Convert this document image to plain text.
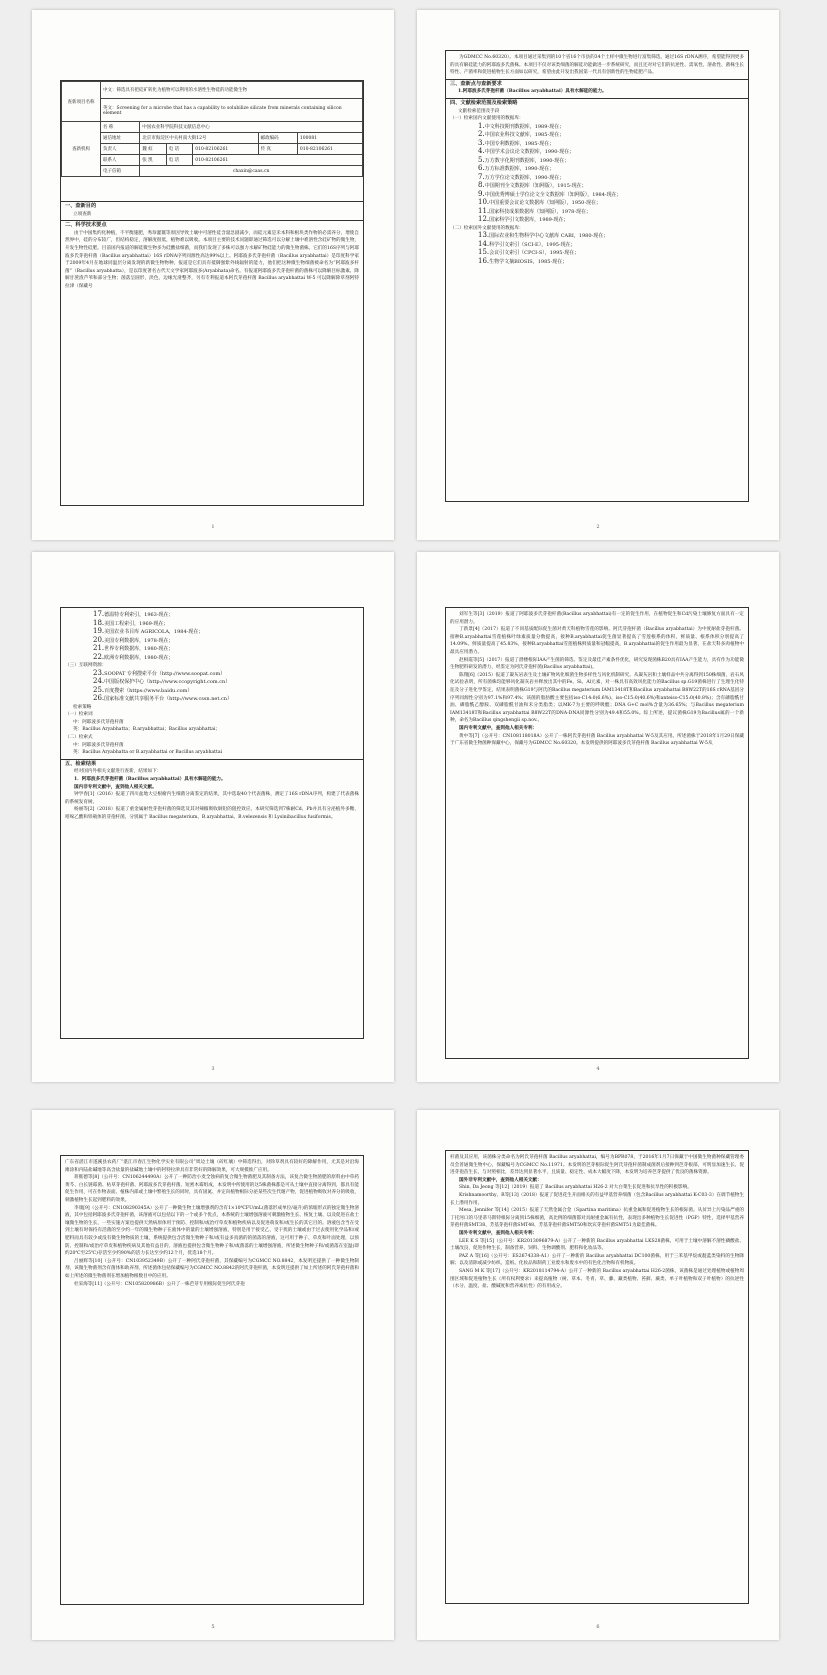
查新项目名称	中文：筛选具有把硅矿转化为植物可以利用的水溶性生物硅的功能微生物					
	英文：Screening for a microbe that has a capability to solubilize silicate from minerals containing silicon element					
查新机构	名 称	中国农业科学院科技文献信息中心				
	通信地址	北京市海淀区中关村南大街12号			邮政编码	100081
	负责人	魏 虹	电 话	010-82106261	传 真	010-82106261
	联系人	张 凯	电 话	010-82106261		
	电子信箱	chaxin@caas.cn				
一、查新目的
立项查新
二、科学技术要点
由于中国集约化种植，不平衡施肥，秀珍灌溉等原因导致土壤中可溶性硅含量急剧减少，而硅元素是禾本科和根块类作物的必需养分，增使自然界中，硅的分布较广，但结构稳定，溶解度很低，植物难以吸收。本项目主要的技术问题即通过筛选可以分解土壤中难溶性含硅矿物的微生物，开发生物性硅肥。目前国内报道的解硅微生物多为硅酸盐细菌，而我们发现了多株可以强力水解矿物硅能力的微生物菌株。它们的16S序列与阿耶波多氏芽孢杆菌（Bacillus aryabhattai）16S rDNA序列同源性高达99%以上。阿耶波多氏芽孢杆菌（Bacillus aryabhattai）是印度科学家于2009年4月在地球同温层分离发现的新微生物物种，报道是它们具有抵御强紫外线辐射的能力，他们把这种微生物细菌被命名为“阿耶波多杆菌”（Bacillus aryabhatta），是以印度著名古代天文学家阿耶波多(Aryabhata)命名。有报道阿耶波多氏芽孢杆菌的菌株可以降解目标激素、降解甘蔗渣芦苇和部分生物；菌落呈圆形，淡色，边缘光滑整齐，另有专利报道本阿氏芽孢杆菌 Bacillus aryabhattai W-5 可以降解除草剂阿特拉津（保藏号
1
为GDMCC No.60320）。本项目通过采集到的10个省16个市县的34个土样中微生物进行富集筛选，通过16S rDNA测序，希望能得到更多的具有解硅能力的阿耶波多氏菌株。本项目不仅对该类细菌的解硅功能做进一步系统研究，而且还对对它们的抗逆性、需氧性、溶盐性、菌株生长特性、产菌率和促进植物生长方面如以研究，希望由此开发出我国第一代具有创新性的生物硅肥产品。
三、查新点与查新要求
1.阿耶波多氏芽孢杆菌（Bacillus aryabhattai）具有水解硅的能力。
四、文献检索范围及检索策略
文献检索范围及手段
（一）检索国内文献使用的数据库：
1.中文科技期刊数据库，1989-现在；
2.中国农业科技文献库，1985-现在；
3.中国专利数据库，1985-现在；
4.中国学术会议论文数据库，1990-现在；
5.万方数字化期刊数据库，1990-现在；
6.万方标准数据库，1990-现在；
7.万方学位论文数据库，1990-现在；
8.中国期刊全文数据库（知网版），1915-现在；
9.中国优秀博硕士学位论文全文数据库（知网版），1984-现在；
10.中国重要会议论文数据库（知网版），1950-现在；
11.国家科技成果数据库（知网版），1978-现在；
12.国家科学引文数据库，1989-现在；
（二）检索国外文献使用的数据库：
13.国际农业和生物科学中心文献库 CABI，1980-现在；
14.科学引文索引（SCI-E），1995-现在；
15.会议引文索引（CPCI-S），1995-现在；
16.生物学文摘BIOSIS，1985-现在；
2
17.德温特专利索引，1963-现在；
18.美国工程索引，1969-现在；
19.美国农业书目库 AGRICOLA，1984-现在；
20.美国专利数据库，1978-现在；
21.世界专利数据库，1980-现在；
22.欧洲专利数据库，1980-现在；
（三）互联网资源：
23.SOOPAT 专利搜索平台（http://www.soopat.com）
24.中国版权保护中心（http://www.ccopyright.com.cn）
25.百度搜索（https://www.baidu.com）
26.国家标准文献共享服务平台（http://www.cssn.net.cn）
检索策略
（一）检索词
中：阿耶波多氏芽孢杆菌
英：Bacillus Aryabhatta；B.aryabhattai；Bacillus aryabhattai；
（二）检索式
中：阿耶波多氏芽孢杆菌
英：Bacillus Aryabhatta or B.aryabhattai or Bacillus aryabhattai
五、检索结果
经对国内外相关文献进行查新，结果如下：
1．阿耶波多氏芽孢杆菌（Bacillus aryabhattai）具有水解硅的能力。
国内非专利文献中，查到他人相关文献。
钟学春[1]（2016）报道了四川盆地大豆根瘤内生细菌分离鉴定的结果，其中选取40个代表菌株，测定了16S rDNA序列，构建了代表菌株的系统发育树。
杨丽等[2]（2018）报道了重金属耐性芽孢杆菌的筛选及其对辣椒吸收铜铅的阻控效应。本研究筛选到7株耐Cd、Pb并具有分泌植外多糖、吲哚乙酸和铁载体的芽孢杆菌，分别属于 Bacillus megaterium、B.aryabhattai、B.velezensis 和 Lysinibacillus fusiformis。
3
刘军生等[3]（2019）报道了阿耶波多氏芽孢杆菌(Bacillus aryabhattai)有一定的促生作用，在植物促生和Cd污染土壤修复方面具有一定的应用潜力。
丁新景[4]（2017）报道了不同基质配际促生菌对黄天科植物雪莲的影响。阿氏芽孢杆菌（Bacillus aryabhattai）为中度耐盐芽孢杆菌。接种B.aryabhattai雪莲植株叶绿素质量分数提高，接种B.aryabhattai促生菌显著提高了雪莲根系的体积、鲜质量、根系体积分别提高了14.09%、鲜质量提高了45.83%，接种B.aryabhattai雪莲植株鲜质量和冠幅提高，B.aryabhattai的促生作用最为显著，在盐天科多肉植物中最具应用潜力。
赵相霞等[5]（2017）报道了潜楼根际IAA产生菌的筛选、鉴定及最佳产素条件优化，研究发现菌株B20具有IAA产生能力，具有作为功能微生物肥料研发的潜力，经鉴定为阿氏芽孢杆菌(Bacillus aryabhattai)。
陈翔[6]（2015）报道了凝灰岩表生及土壤矿物风化细菌生物多样性与风化机制研究。从凝灰岩和土壤样品中共分离得到150株细菌，岩石风化试验表明，所有菌株均能够风化凝灰岩并释放出其中的Fe、Si、Al元素，对一株具有高效风化能力的Bacillus sp.G19菌株进行了生理生化特征及分子进化学鉴定，结果表明菌株G19与阿氏的Bacillus megaterium IAM13418T和Bacillus aryabhattai B8W22T的16S rRNA基因分序列同源性分别为97.1%和97.4%；该菌的脂肪酸主要包括iso-C14:0(6.6%)、iso-C15:0(40.6%)和anteiso-C15:0(40.8%)；含有磷脂酰甘油、磷脂酰乙醇胺、双磷脂酰甘油和未分类脂类；以MK-7为主要的呼吸醌；DNA G+C mol%含量为36.65%；与Bacillus megaterium IAM13418T和Bacillus aryabhattai B8W22T的DNA-DNA同源性分别为49.4和55.0%。综上所述，提议菌株G19为Bacillus属的一个新种，命名为Bacillus qingshengii sp.nov.。
国内专利文献中，查到他人相关专利：
黄中等[7]（公开号：CN108118018A）公开了一株阿氏芽孢杆菌 Bacillus aryabhattai W-5及其应用。所述菌株于2018年1月29日保藏于广东省微生物菌种保藏中心，保藏号为GDMCC No.60320。本发明提供的阿耶波多氏芽孢杆菌 Bacillus aryabhattai W-5从
4
广东省湛江市遂溪县农药厂“湛江市春江生物化学实业有限公司”周边土壤（砖红壤）中筛选得出，对除草剂具有较好的降解作用，尤其是对沿海滩涂和内陆盐碱地等高含盐量的盐碱地土壤中的阿特拉津具有非常好的降解效果，可大规模推广应用。
蒋鲨德等[8]（公开号：CN106244490A）公开了一种防治小麦全蚀病的复合微生物菌肥及其制备方法，该复合微生物菌肥的原料由中草药黄芩、白长链霉菌、枯草芽孢杆菌、阿耶波多氏芽孢杆菌、短密木霉组成，本发明中所使用的这5株菌株都是可从土壤中直接分离得到，都具有能促生作用，可在作物表面、植株内部或土壤中繁殖生长的同时，具有固氮、并定向植物根际分泌某些次生代谢产物，促进植物吸收对养分的吸收，刺激植物生长起到肥料的效果。
李康[9]（公开号：CN108290345A）公开了一种微生物土壤增强剂的含有1×10⁸CFU/mL(菌落形成单位/毫升)的浓缩形式的独定微生物溶液，其中包括阿耶波多氏芽孢杆菌，该溶液可以包括以下的一个或多个优点，本系统的土壤增强溶液可刺激植物生长、恢复土壤、以及促进在盐土壤微生物的生长，一些实施方案也提供天然病原体用于预防、控制和/或治疗草皮和植物疾病以及促进萌发和/或生长的其它目的。溶液包含当在受到土壤有时保持有活菌的至少约一年的微生物种子在液体中的量的土壤增强溶液，特别是用于接受乙、受干扰的土壤或由于过去使用化学品和/或肥料而具有较少或没有微生物物质的土壤，系统提供包含活微生物种子和/或有益多真菌的的菌落的溶液，这可用于种子、草皮和叶面处理，以预防、控制和/或治疗草皮和植物疾病及其他有益目的，溶液也提供包含微生物种子和/或菌落的土壤增强溶液，所述微生物种子和/或菌落在室温(即约20℃至25℃)存活至少约90%的活力长达至少约12个月，优选18个月。
吕丽辉等[10]（公开号：CN103952349B）公开了一种阿氏芽孢杆菌，其保藏编号为CGMCC NO.8842，本发明还提供了一种微生物制剂，该微生物菌剂含有菌体和助养剂，所述菌体包括保藏编号为CGMCC NO.8842的阿氏芽孢杆菌，本发明还提供了如上所述的阿氏芽孢杆菌和如上所述的微生物菌剂在增加植物根数目中的应用。
杜采海等[11]（公开号：CN105820986B）公开了一株芭芽专用根际促生阿氏芽孢
5
杆菌及其应用，该菌株分类命名为阿氏芽孢杆菌 Bacillus aryabhattai，编号为BPR078，于2016年1月7日保藏于中国微生物菌种保藏管理委员会普通微生物中心，保藏编号为CGMCC No.11971。本发明的芭芽根际促生阿氏芽孢杆菌制成菌剂后接种到芭芽根部，可明显加速生长、促进芽孢苗生长，与对照相比，差异达到显著水平，且质量、稳定性、成本大幅度下降，本发明为培养芭芽提供了优良的菌株资源。
国外非专利文献中，查到他人相关文献：
Shin, Da Jeong 等[12]（2019）报道了 Bacillus aryabhattai H26-2 对大白菜生长促进和抗旱性的积极影响。
Krishnamoorthy、R等[13]（2018）报道了促进花生开面相关的有益甲基营养细菌（包含Bacillus aryabhattai K-C03-3）在调节植物生长上潜用作用。
Mesa, Jennifer 等[14]（2015）报道了天然金属合金（Spartina maritima）抗重金属和促进植物生长的根际菌。从贫异上污染品严重的丁托河口的马里蒂马斯特根际分离到15株细菌，高比例的细菌都对具耐重金属有抗性，表现出多种植物生长促进性（PGP）特性，选择甲基营养芽孢杆菌SMT38、芳基芽孢杆菌SMT48、芳基芽孢杆菌SMT50和坎宾芽孢杆菌SMT51为最佳菌株。
国外专利文献中，查到他人相关专利：
LEE K S 等[15]（公开号：KR2013096879-A）公开了一种新的 Bacillus aryabhattai LKS28菌株，可用于土壤中溶解不溶性磷酸盐、土壤改良，促进作物生长，制备营养、饲料、生物调酸剂、肥料和化妆品等。
PAZ A 等[16]（公开号：ES2674338-A1）公开了一种新的 Bacillus aryabhattai DC100菌株，用于三苯基甲烷或靛蓝类染料的生物降解；以及清除或减少纺织、造纸、化妆品和制药工业废水和废水中的有色化合物和有机物质。
SANG M K 等[17]（公开号：KR2018114794-A）公开了一种新的 Bacillus aryabhattai H26-2菌株，该菌株是通过处理植物或植物周围区域和促进植物生长（所有权利要求）来提高植物（树、草本、冬青、草、藤、藏类植物、苔藓、蕨类、单子叶植物和双子叶植物）的抗逆性（水分、温度、盐、酸碱度和营养素抗性）的有用成分。
6
